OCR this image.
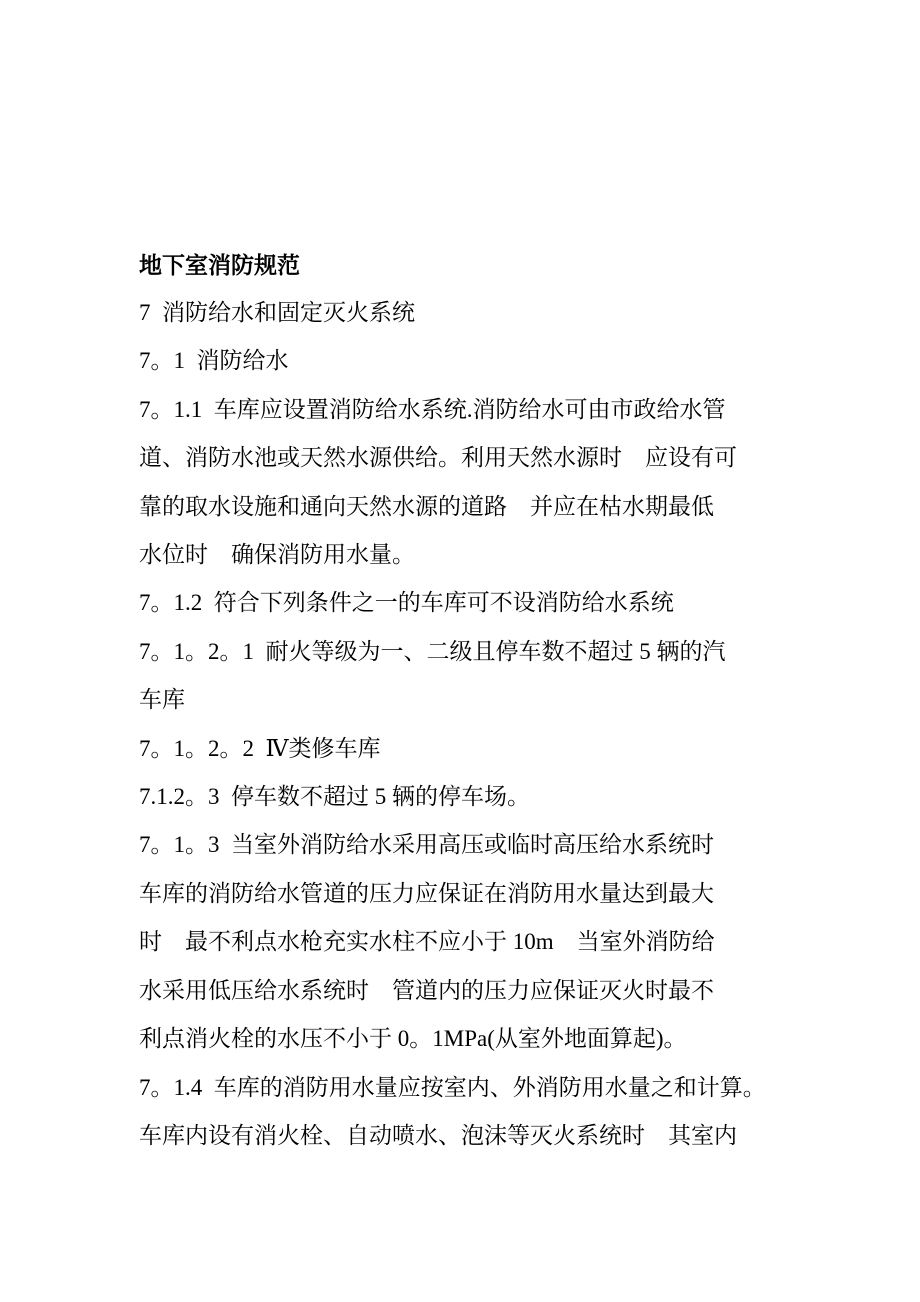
地下室消防规范
7  消防给水和固定灭火系统
7。1  消防给水
7。1.1  车库应设置消防给水系统.消防给水可由市政给水管
道、消防水池或天然水源供给。利用天然水源时    应设有可
靠的取水设施和通向天然水源的道路    并应在枯水期最低
水位时    确保消防用水量。
7。1.2  符合下列条件之一的车库可不设消防给水系统
7。1。2。1  耐火等级为一、二级且停车数不超过 5 辆的汽
车库
7。1。2。2  Ⅳ类修车库
7.1.2。3  停车数不超过 5 辆的停车场。
7。1。3  当室外消防给水采用高压或临时高压给水系统时
车库的消防给水管道的压力应保证在消防用水量达到最大
时    最不利点水枪充实水柱不应小于 10m    当室外消防给
水采用低压给水系统时    管道内的压力应保证灭火时最不
利点消火栓的水压不小于 0。1MPa(从室外地面算起)。
7。1.4  车库的消防用水量应按室内、外消防用水量之和计算。
车库内设有消火栓、自动喷水、泡沫等灭火系统时    其室内
